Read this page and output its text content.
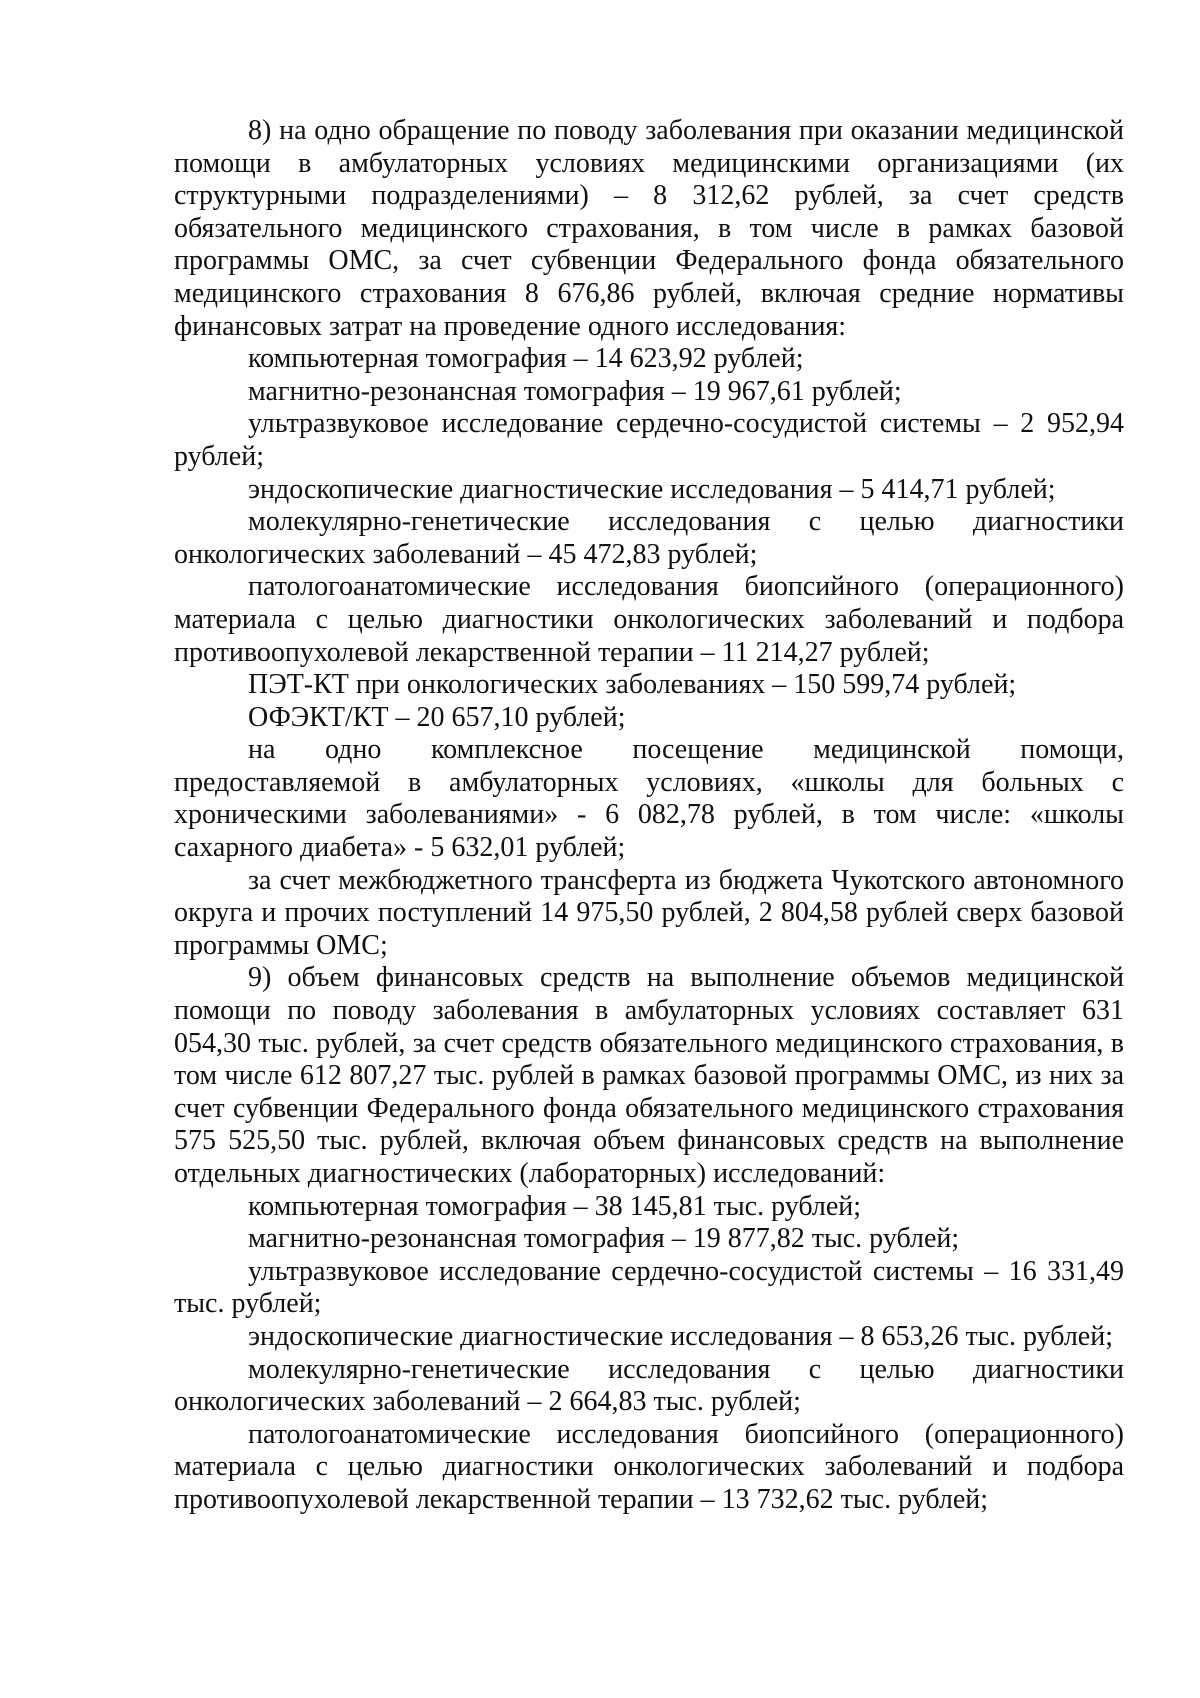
8) на одно обращение по поводу заболевания при оказании медицинской помощи в амбулаторных условиях медицинскими организациями (их структурными подразделениями) – 8 312,62 рублей, за счет средств обязательного медицинского страхования, в том числе в рамках базовой программы ОМС, за счет субвенции Федерального фонда обязательного медицинского страхования 8 676,86 рублей, включая средние нормативы финансовых затрат на проведение одного исследования:

компьютерная томография – 14 623,92 рублей;

магнитно-резонансная томография – 19 967,61 рублей;

ультразвуковое исследование сердечно-сосудистой системы – 2 952,94 рублей;

эндоскопические диагностические исследования – 5 414,71 рублей;

молекулярно-генетические исследования с целью диагностики онкологических заболеваний – 45 472,83 рублей;

патологоанатомические исследования биопсийного (операционного) материала с целью диагностики онкологических заболеваний и подбора противоопухолевой лекарственной терапии – 11 214,27 рублей;

ПЭТ-КТ при онкологических заболеваниях – 150 599,74 рублей;

ОФЭКТ/КТ – 20 657,10 рублей;

на одно комплексное посещение медицинской помощи, предоставляемой в амбулаторных условиях, «школы для больных с хроническими заболеваниями» - 6 082,78 рублей, в том числе: «школы сахарного диабета» - 5 632,01 рублей;

за счет межбюджетного трансферта из бюджета Чукотского автономного округа и прочих поступлений 14 975,50 рублей, 2 804,58 рублей сверх базовой программы ОМС;

9) объем финансовых средств на выполнение объемов медицинской помощи по поводу заболевания в амбулаторных условиях составляет 631 054,30 тыс. рублей, за счет средств обязательного медицинского страхования, в том числе 612 807,27 тыс. рублей в рамках базовой программы ОМС, из них за счет субвенции Федерального фонда обязательного медицинского страхования 575 525,50 тыс. рублей, включая объем финансовых средств на выполнение отдельных диагностических (лабораторных) исследований:

компьютерная томография – 38 145,81 тыс. рублей;

магнитно-резонансная томография – 19 877,82 тыс. рублей;

ультразвуковое исследование сердечно-сосудистой системы – 16 331,49 тыс. рублей;

эндоскопические диагностические исследования – 8 653,26 тыс. рублей;

молекулярно-генетические исследования с целью диагностики онкологических заболеваний – 2 664,83 тыс. рублей;

патологоанатомические исследования биопсийного (операционного) материала с целью диагностики онкологических заболеваний и подбора противоопухолевой лекарственной терапии – 13 732,62 тыс. рублей;
